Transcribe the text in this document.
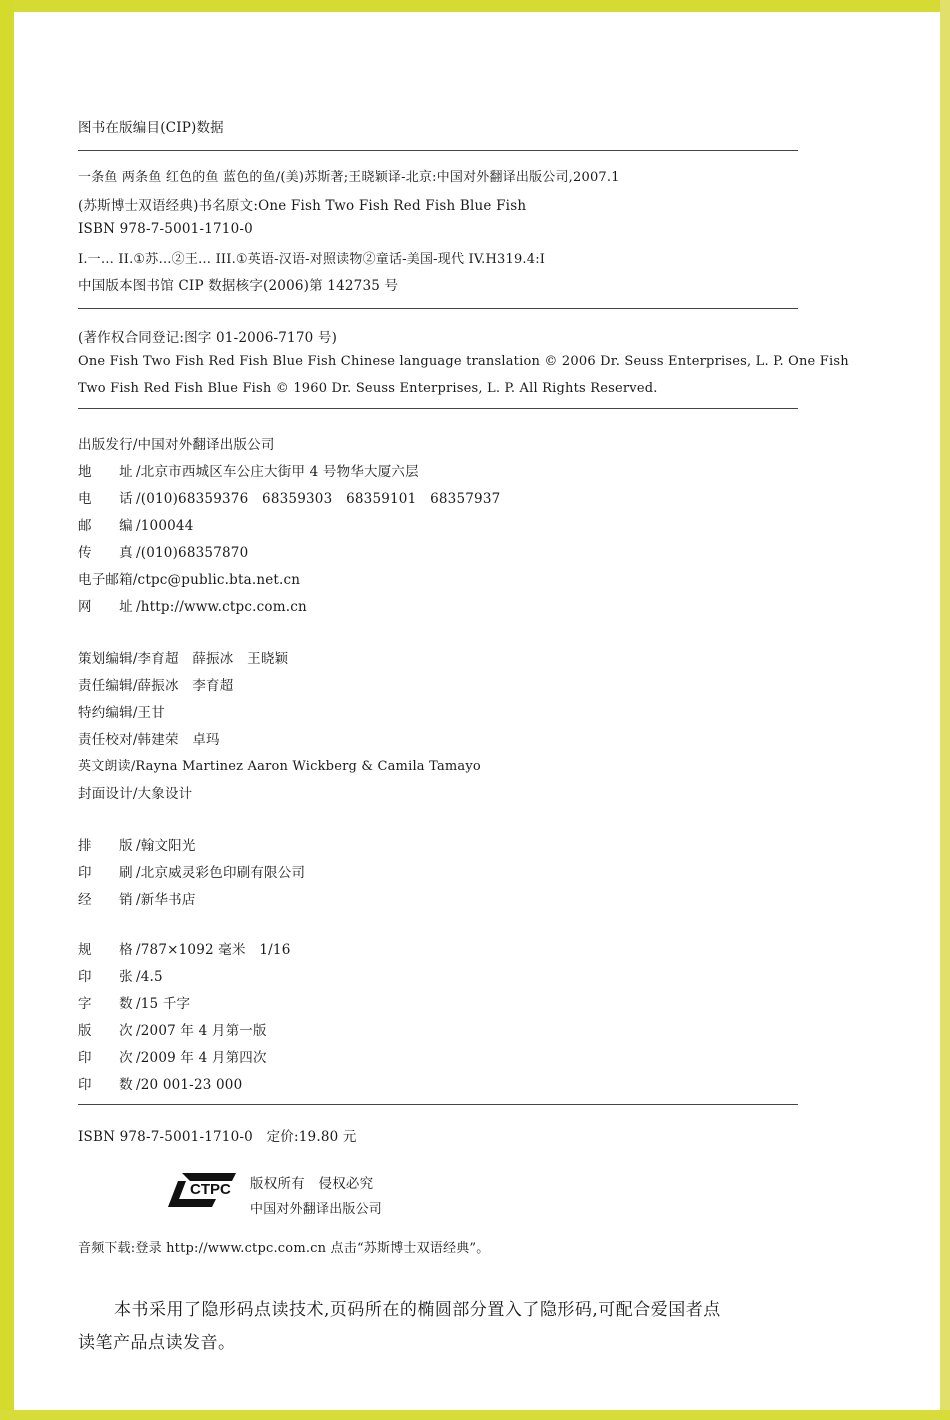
图书在版编目(CIP)数据
一条鱼 两条鱼 红色的鱼 蓝色的鱼/(美)苏斯著;王晓颖译-北京:中国对外翻译出版公司,2007.1
(苏斯博士双语经典)书名原文:One Fish Two Fish Red Fish Blue Fish
ISBN 978-7-5001-1710-0
I.一… II.①苏…②王… III.①英语-汉语-对照读物②童话-美国-现代 IV.H319.4:I
中国版本图书馆 CIP 数据核字(2006)第 142735 号
(著作权合同登记:图字 01-2006-7170 号)
One Fish Two Fish Red Fish Blue Fish Chinese language translation © 2006 Dr. Seuss Enterprises, L. P. One Fish
Two Fish Red Fish Blue Fish © 1960 Dr. Seuss Enterprises, L. P. All Rights Reserved.
出版发行/中国对外翻译出版公司
地　　址 /北京市西城区车公庄大街甲 4 号物华大厦六层
电　　话 /(010)68359376　68359303　68359101　68357937
邮　　编 /100044
传　　真 /(010)68357870
电子邮箱/ctpc@public.bta.net.cn
网　　址 /http://www.ctpc.com.cn
策划编辑/李育超　薛振冰　王晓颖
责任编辑/薛振冰　李育超
特约编辑/王甘
责任校对/韩建荣　卓玛
英文朗读/Rayna Martinez Aaron Wickberg & Camila Tamayo
封面设计/大象设计
排　　版 /翰文阳光
印　　刷 /北京威灵彩色印刷有限公司
经　　销 /新华书店
规　　格 /787×1092 毫米　1/16
印　　张 /4.5
字　　数 /15 千字
版　　次 /2007 年 4 月第一版
印　　次 /2009 年 4 月第四次
印　　数 /20 001-23 000
ISBN 978-7-5001-1710-0　定价:19.80 元
CTPC 版权所有　侵权必究
中国对外翻译出版公司
音频下载:登录 http://www.ctpc.com.cn 点击“苏斯博士双语经典”。
本书采用了隐形码点读技术,页码所在的椭圆部分置入了隐形码,可配合爱国者点
读笔产品点读发音。
